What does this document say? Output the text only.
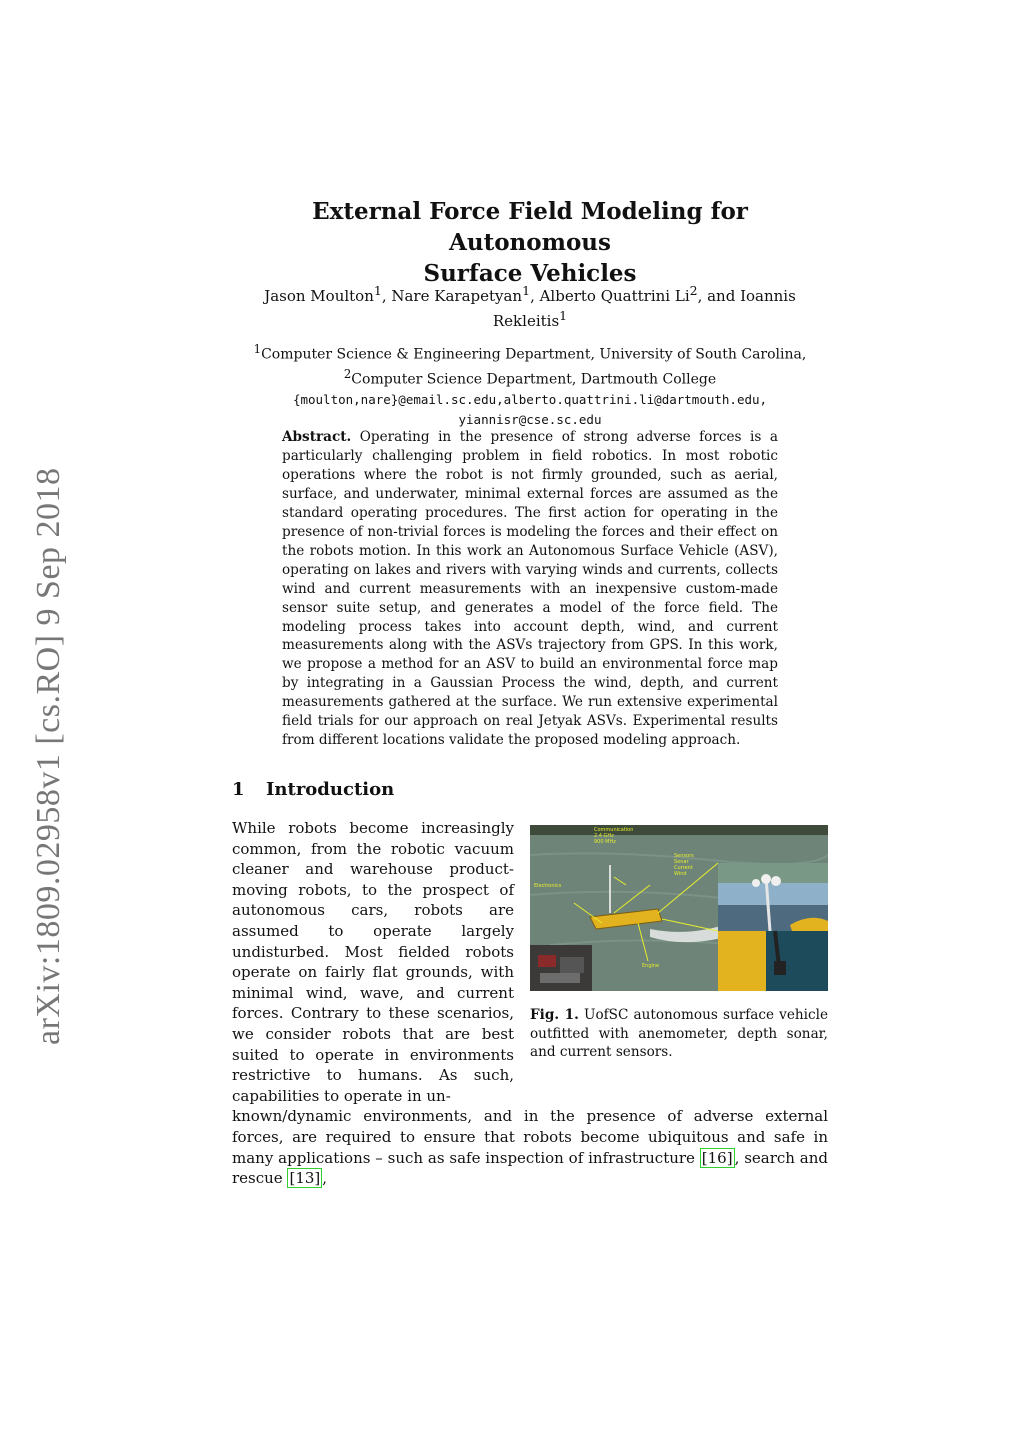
arXiv:1809.02958v1 [cs.RO] 9 Sep 2018
External Force Field Modeling for Autonomous
Surface Vehicles
Jason Moulton$^1$, Nare Karapetyan$^1$, Alberto Quattrini Li$^2$, and Ioannis
Rekleitis$^1$
$^1$Computer Science & Engineering Department, University of South Carolina,
$^2$Computer Science Department, Dartmouth College
{moulton,nare}@email.sc.edu,alberto.quattrini.li@dartmouth.edu,
yiannisr@cse.sc.edu
Abstract. Operating in the presence of strong adverse forces is a particularly challenging problem in field robotics. In most robotic operations where the robot is not firmly grounded, such as aerial, surface, and underwater, minimal external forces are assumed as the standard operating procedures. The first action for operating in the presence of non-trivial forces is modeling the forces and their effect on the robots motion. In this work an Autonomous Surface Vehicle (ASV), operating on lakes and rivers with varying winds and currents, collects wind and current measurements with an inexpensive custom-made sensor suite setup, and generates a model of the force field. The modeling process takes into account depth, wind, and current measurements along with the ASVs trajectory from GPS. In this work, we propose a method for an ASV to build an environmental force map by integrating in a Gaussian Process the wind, depth, and current measurements gathered at the surface. We run extensive experimental field trials for our approach on real Jetyak ASVs. Experimental results from different locations validate the proposed modeling approach.
1 Introduction
Communication
2.4 GHz
900 MHz
Sensors
Sonar
Current
Wind
Electronics
Engine
Fig. 1. UofSC autonomous surface vehicle outfitted with anemometer, depth sonar, and current sensors.
While robots become increasingly common, from the robotic vacuum cleaner and warehouse product-moving robots, to the prospect of autonomous cars, robots are assumed to operate largely undisturbed. Most fielded robots operate on fairly flat grounds, with minimal wind, wave, and current forces. Contrary to these scenarios, we consider robots that are best suited to operate in environments restrictive to humans. As such, capabilities to operate in un-
known/dynamic environments, and in the presence of adverse external forces, are required to ensure that robots become ubiquitous and safe in many applications – such as safe inspection of infrastructure [16] , search and rescue [13] ,
